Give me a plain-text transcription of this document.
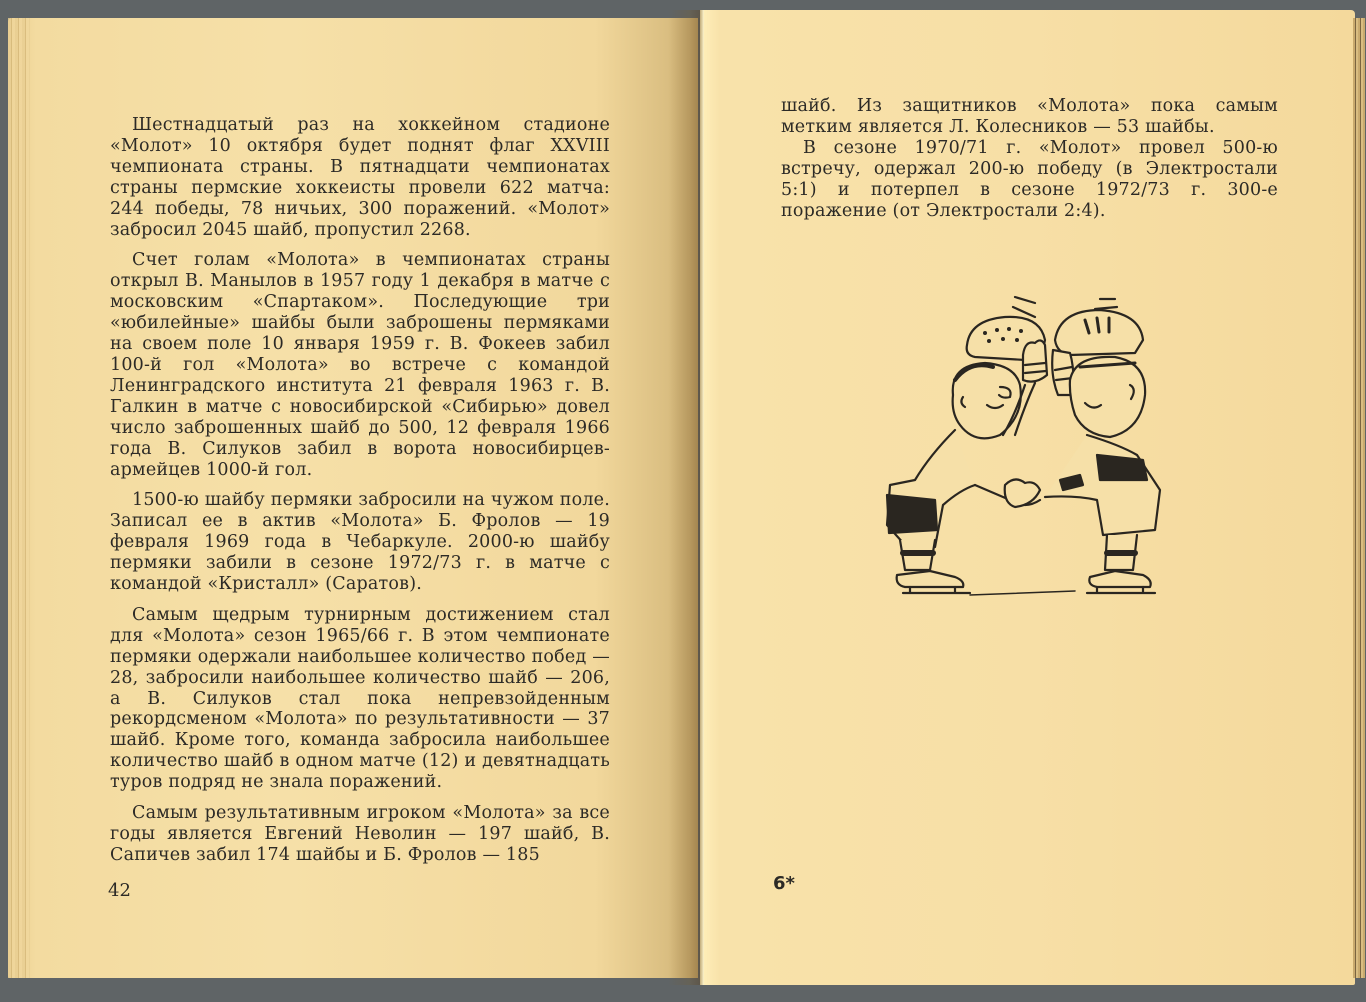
Шестнадцатый раз на хоккейном стадионе «Молот» 10 октября будет поднят флаг XXVIII чемпионата страны. В пятнадцати чемпионатах страны пермские хоккеисты провели 622 матча: 244 победы, 78 ничьих, 300 поражений. «Молот» забросил 2045 шайб, пропустил 2268.

Счет голам «Молота» в чемпионатах страны открыл В. Манылов в 1957 году 1 декабря в матче с московским «Спартаком». Последующие три «юбилейные» шайбы были заброшены пермяками на своем поле 10 января 1959 г. В. Фокеев забил 100-й гол «Молота» во встрече с командой Ленинградского института 21 февраля 1963 г. В. Галкин в матче с новосибирской «Сибирью» довел число заброшенных шайб до 500, 12 февраля 1966 года В. Силуков забил в ворота новосибирцев-армейцев 1000-й гол.

1500-ю шайбу пермяки забросили на чужом поле. Записал ее в актив «Молота» Б. Фролов — 19 февраля 1969 года в Чебаркуле. 2000-ю шайбу пермяки забили в сезоне 1972/73 г. в матче с командой «Кристалл» (Саратов).

Самым щедрым турнирным достижением стал для «Молота» сезон 1965/66 г. В этом чемпионате пермяки одержали наибольшее количество побед — 28, забросили наибольшее количество шайб — 206, а В. Силуков стал пока непревзойденным рекордсменом «Молота» по результативности — 37 шайб. Кроме того, команда забросила наибольшее количество шайб в одном матче (12) и девятнадцать туров подряд не знала поражений.

Самым результативным игроком «Молота» за все годы является Евгений Неволин — 197 шайб, В. Сапичев забил 174 шайбы и Б. Фролов — 185

42

шайб. Из защитников «Молота» пока самым метким является Л. Колесников — 53 шайбы.

В сезоне 1970/71 г. «Молот» провел 500-ю встречу, одержал 200-ю победу (в Электростали 5:1) и потерпел в сезоне 1972/73 г. 300-е поражение (от Электростали 2:4).

6*
